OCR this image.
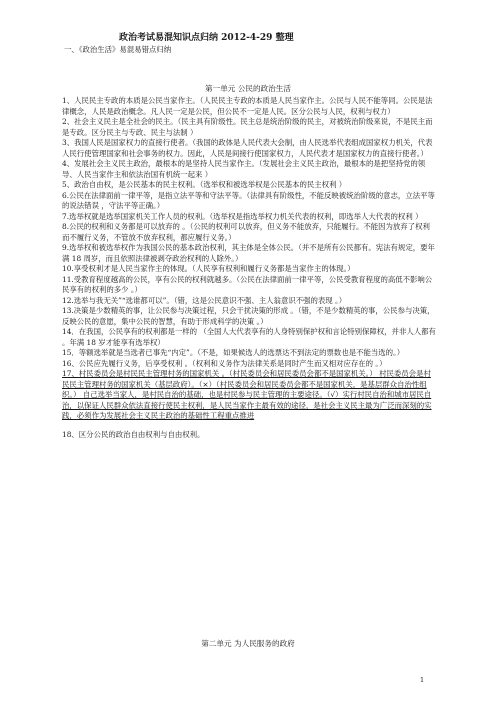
政治考试易混知识点归纳 2012-4-29 整理
一、《政治生活》易混易错点归纳
第一单元 公民的政治生活

1、人民民主专政的本质是公民当家作主。（人民民主专政的本质是人民当家作主。公民与人民不能等同。公民是法律概念，人民是政治概念。凡人民一定是公民，但公民不一定是人民。区分公民与人民，权利与权力）

2、社会主义民主是全社会的民主。（民主具有阶级性。民主总是统治阶级的民主，对被统治阶级来说，不是民主而是专政。区分民主与专政、民主与法制 ）

3、我国人民是国家权力的直接行使者。（我国的政体是人民代表大会制，由人民选举代表组成国家权力机关，代表人民行使管理国家和社会事务的权力。因此，人民是间接行使国家权力，人民代表才是国家权力的直接行使者。）

4、发展社会主义民主政治，最根本的是坚持人民当家作主。（发展社会主义民主政治，最根本的是把坚持党的领导、人民当家作主和依法治国有机统一起来 ）

5、政治自由权，是公民基本的民主权利。（选举权和被选举权是公民基本的民主权利 ）

6.公民在法律面前一律平等，是指立法平等和守法平等。（法律具有阶级性，不能反映被统治阶级的意志，立法平等的说法错误 ，守法平等正确。）

7.选举权就是选举国家机关工作人员的权利。（选举权是指选举权力机关代表的权利，即选举人大代表的权利 ）

8.公民的权利和义务都是可以放弃的 。（公民的权利可以放弃，但义务不能放弃，只能履行。不能因为放弃了权利而不履行义务，不管放不放弃权利，都应履行义务。）

9.选举权和被选举权作为我国公民的基本政治权利，其主体是全体公民。（并不是所有公民都有。宪法有规定，要年满 18 周岁，而且依照法律被剥夺政治权利的人除外。）

10.享受权利才是人民当家作主的体现。（人民享有权利和履行义务都是当家作主的体现。）

11.受教育程度越高的公民，享有公民的权利就越多。（公民在法律面前一律平等，公民受教育程度的高低不影响公民享有的权利的多少 。）

12.选举与我无关”“选谁都可以”。（错，这是公民意识不强、主人翁意识不强的表现 。）

13.决策是少数精英的事，让公民参与决策过程，只会干扰决策的形成 。（错，不是少数精英的事，公民参与决策，反映公民的意愿，集中公民的智慧，有助于形成科学的决策 。）

14．在我国，公民享有的权利都是一样的 （全国人大代表享有的人身特别保护权和言论特别保障权，并非人人都有 。年满 18 岁才能享有选举权）

15．等额选举就是当选者已事先“内定”。（不是，如果候选人的选票达不到法定的票数也是不能当选的。）

16、公民应先履行义务，后享受权利 。（权利和义务作为法律关系是同时产生而又相对应存在的 。）

17、村民委员会是村民民主管理村务的国家机关 。（村民委员会和居民委员会都不是国家机关。） 村民委员会是村民民主管理村务的国家机关（基层政府）。（×）（村民委员会和居民委员会都不是国家机关，是基层群众自治性组织。） 自己选举当家人，是村民自治的基础，也是村民参与民主管理的主要途径。（√）实行村民自治和城市居民自治，以保证人民群众依法直接行使民主权利，是人民当家作主最有效的途径，是社会主义民主最为广泛而深刻的实践，必须作为发展社会主义民主政治的基础性工程重点推进

18、区分公民的政治自由权利与自由权利。

第二单元 为人民服务的政府
1
